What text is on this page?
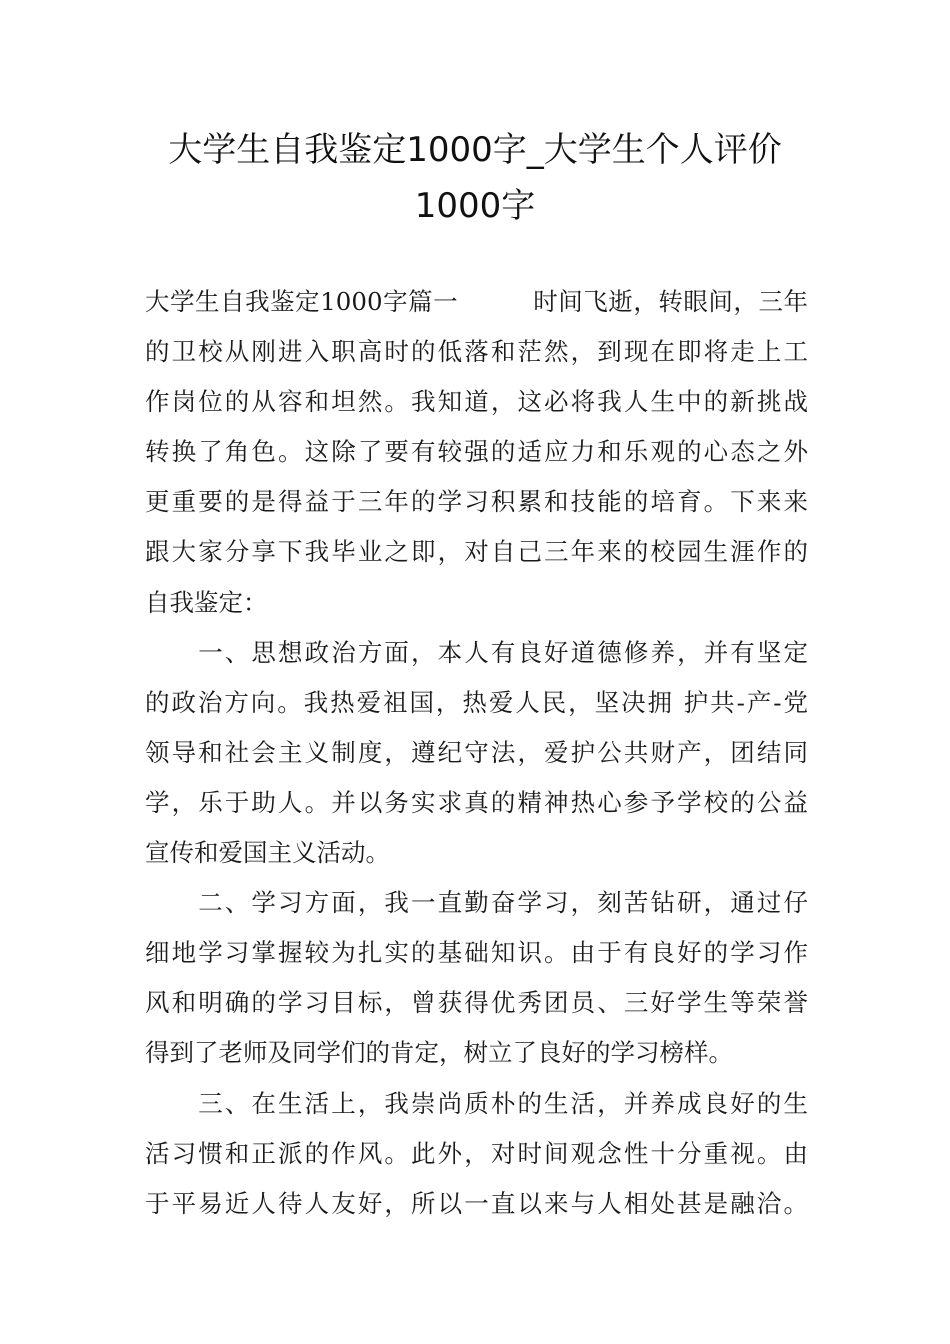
大学生自我鉴定1000字_大学生个人评价
1000字
大学生自我鉴定1000字篇一　　　时间飞逝，转眼间，三年
的卫校从刚进入职高时的低落和茫然，到现在即将走上工
作岗位的从容和坦然。我知道，这必将我人生中的新挑战
转换了角色。这除了要有较强的适应力和乐观的心态之外
更重要的是得益于三年的学习积累和技能的培育。下来来
跟大家分享下我毕业之即，对自己三年来的校园生涯作的
自我鉴定：
　　一、思想政治方面，本人有良好道德修养，并有坚定
的政治方向。我热爱祖国，热爱人民，坚决拥 护共-产-党
领导和社会主义制度，遵纪守法，爱护公共财产，团结同
学，乐于助人。并以务实求真的精神热心参予学校的公益
宣传和爱国主义活动。
　　二、学习方面，我一直勤奋学习，刻苦钻研，通过仔
细地学习掌握较为扎实的基础知识。由于有良好的学习作
风和明确的学习目标，曾获得优秀团员、三好学生等荣誉
得到了老师及同学们的肯定，树立了良好的学习榜样。
　　三、在生活上，我崇尚质朴的生活，并养成良好的生
活习惯和正派的作风。此外，对时间观念性十分重视。由
于平易近人待人友好，所以一直以来与人相处甚是融洽。
